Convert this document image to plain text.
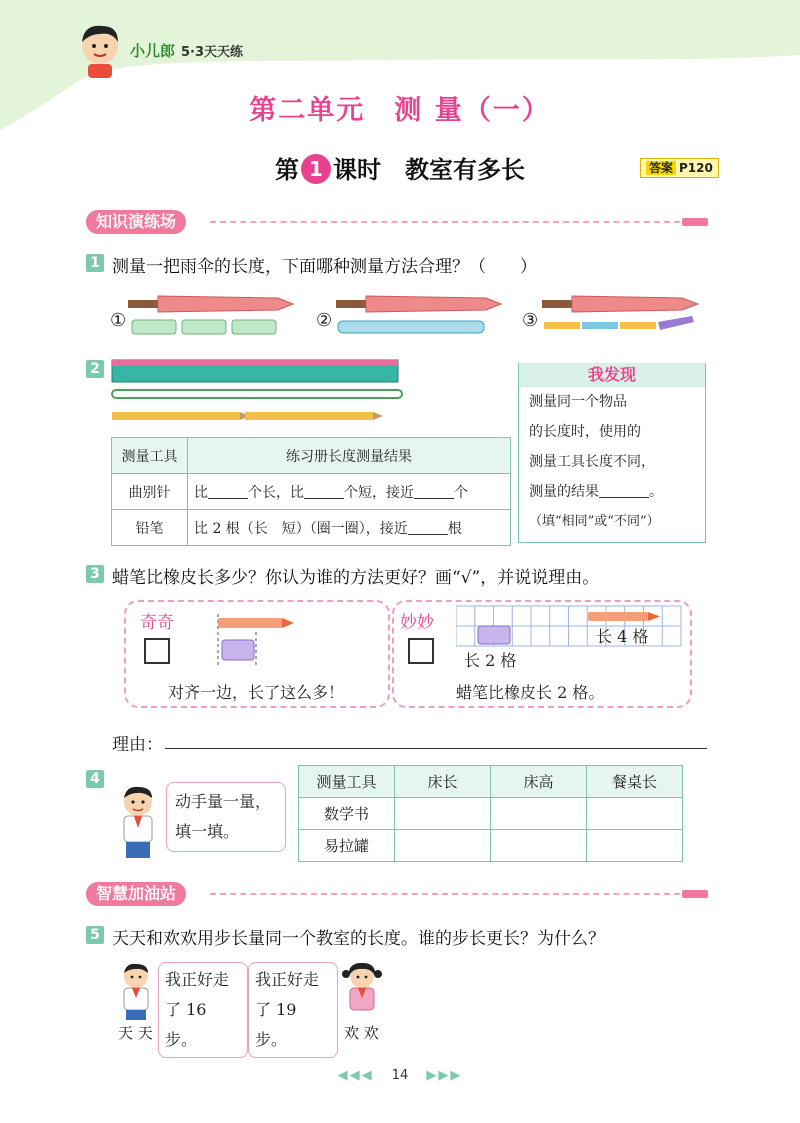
小儿郎 5·3天天练
第二单元　测 量（一）
第 1 课时　教室有多长	答案 P120
知识演练场
1 测量一把雨伞的长度，下面哪种测量方法合理？（　　）
①	②	③
2
测量工具	练习册长度测量结果
曲别针	比 个长，比 个短，接近 个
铅笔	比 2 根（长　短）（圈一圈），接近 根
我发现
测量同一个物品
的长度时，使用的
测量工具长度不同，
测量的结果	。
（填“相同”或“不同”）
3 蜡笔比橡皮长多少？你认为谁的方法更好？画“√”，并说说理由。
奇奇
对齐一边，长了这么多！
妙妙
长 4 格
长 2 格
蜡笔比橡皮长 2 格。
理由：
4
动手量一量，
填一填。
测量工具	床长	床高	餐桌长
数学书			
易拉罐			
智慧加油站
5 天天和欢欢用步长量同一个教室的长度。谁的步长更长？为什么？
我正好走
了 16 步。
我正好走
了 19 步。
天 天	欢 欢
◀◀◀ 14 ▶▶▶
